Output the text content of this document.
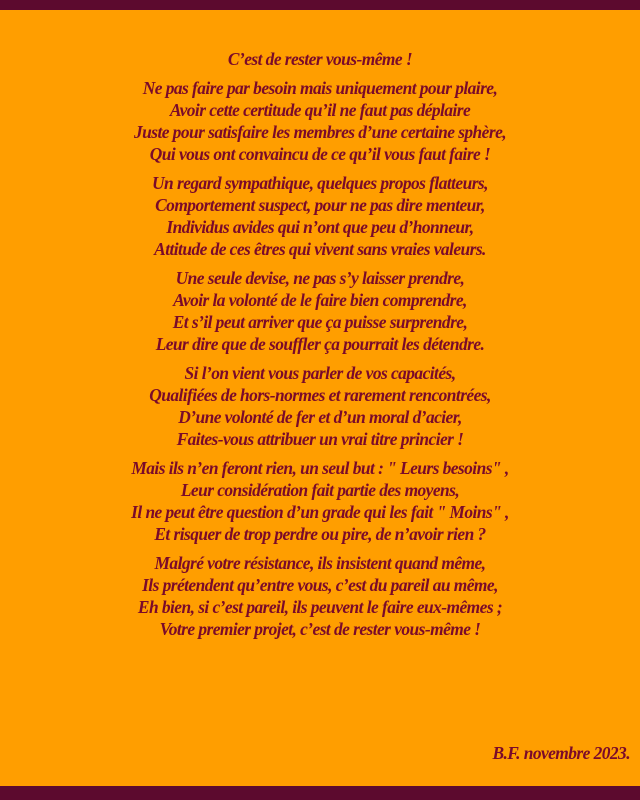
C’est de rester vous-même !
Ne pas faire par besoin mais uniquement pour plaire,
Avoir cette certitude qu’il ne faut pas déplaire
Juste pour satisfaire les membres d’une certaine sphère,
Qui vous ont convaincu de ce qu’il vous faut faire !
Un regard sympathique, quelques propos flatteurs,
Comportement suspect, pour ne pas dire menteur,
Individus avides qui n’ont que peu d’honneur,
Attitude de ces êtres qui vivent sans vraies valeurs.
Une seule devise, ne pas s’y laisser prendre,
Avoir la volonté de le faire bien comprendre,
Et s’il peut arriver que ça puisse surprendre,
Leur dire que de souffler ça pourrait les détendre.
Si l’on vient vous parler de vos capacités,
Qualifiées de hors-normes et rarement rencontrées,
D’une volonté de fer et d’un moral d’acier,
Faites-vous attribuer un vrai titre princier !
Mais ils n’en feront rien, un seul but : " Leurs besoins" ,
Leur considération fait partie des moyens,
Il ne peut être question d’un grade qui les fait " Moins" ,
Et risquer de trop perdre ou pire, de n’avoir rien ?
Malgré votre résistance, ils insistent quand même,
Ils prétendent qu’entre vous, c’est du pareil au même,
Eh bien, si c’est pareil, ils peuvent le faire eux-mêmes ;
Votre premier projet, c’est de rester vous-même !
B.F. novembre 2023.
